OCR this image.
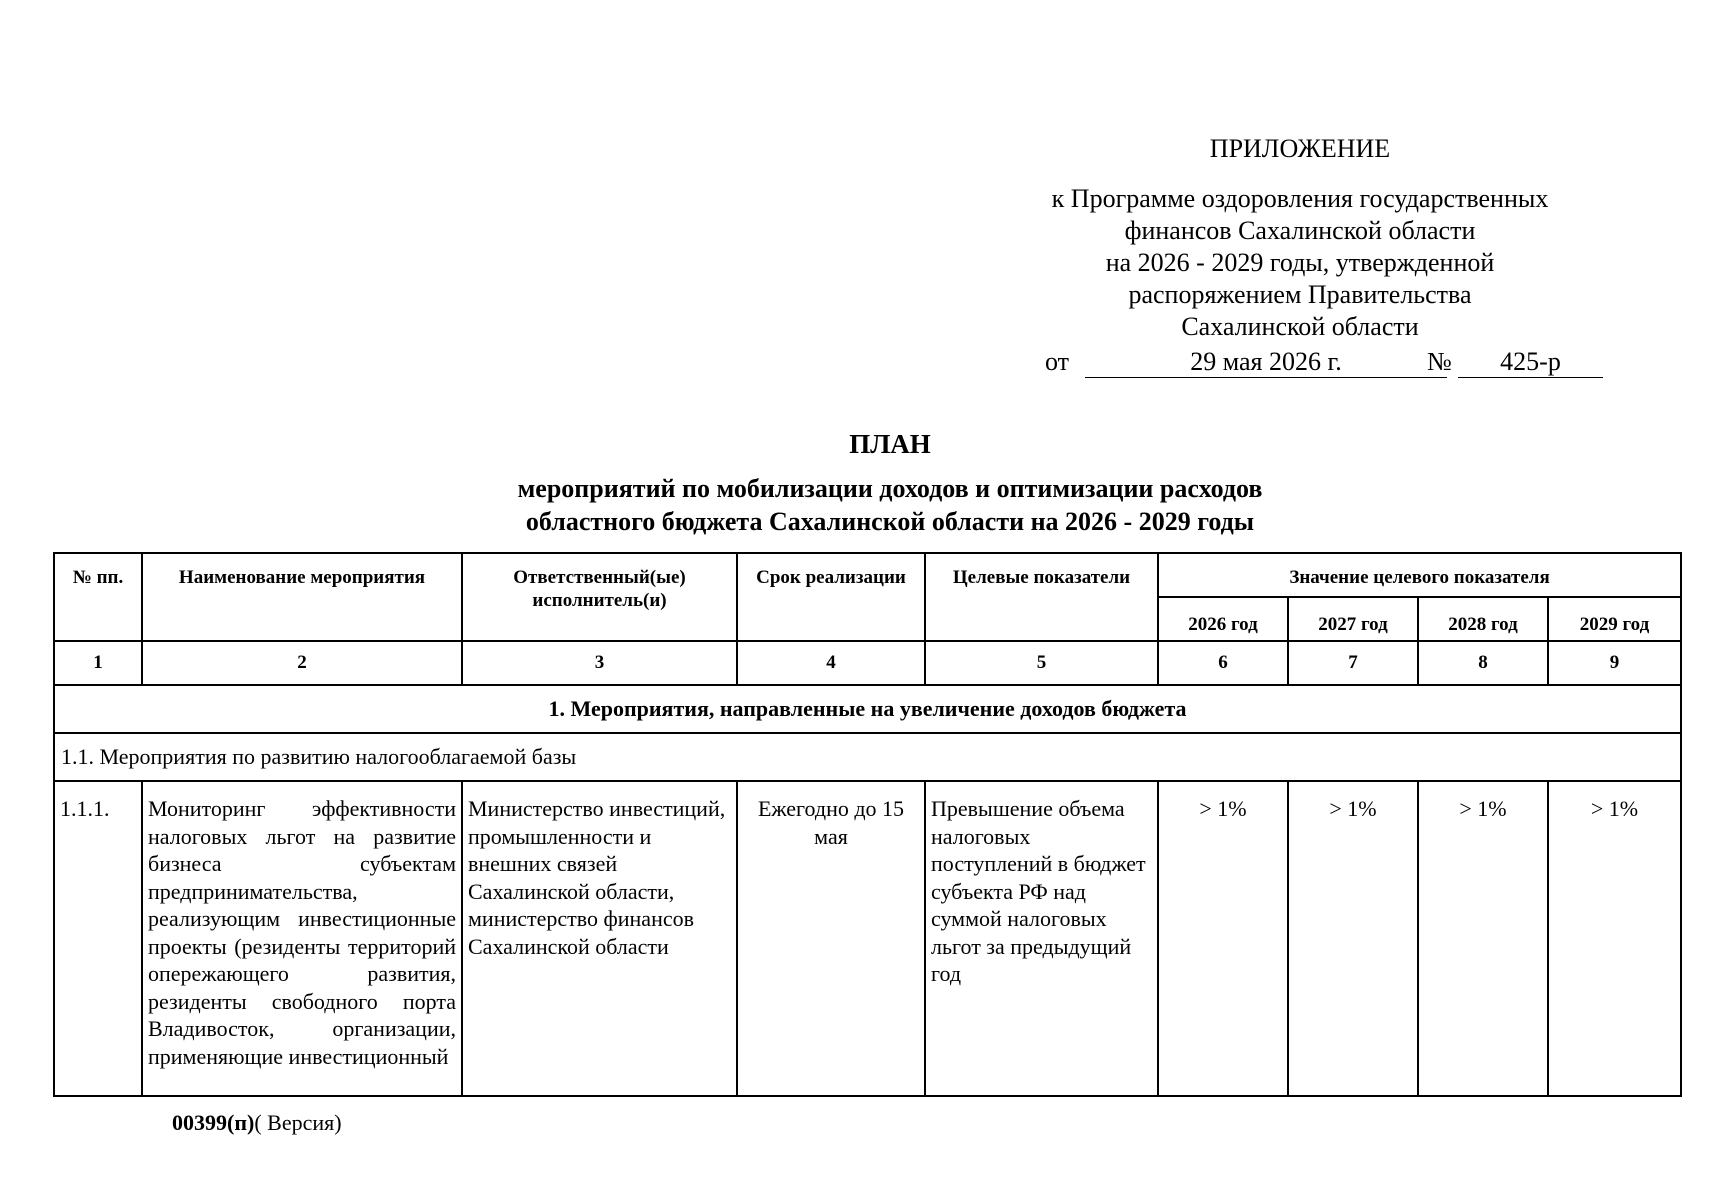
ПРИЛОЖЕНИЕ
к Программе оздоровления государственных
финансов Сахалинской области
на 2026 - 2029 годы, утвержденной
распоряжением Правительства
Сахалинской области
от	29 мая 2026 г.	№	425-р
ПЛАН
мероприятий по мобилизации доходов и оптимизации расходов
областного бюджета Сахалинской области на 2026 - 2029 годы
№ пп.	Наименование мероприятия	Ответственный(ые) исполнитель(и)	Срок реализации	Целевые показатели	Значение целевого показателя			
					2026 год	2027 год	2028 год	2029 год
1	2	3	4	5	6	7	8	9
1. Мероприятия, направленные на увеличение доходов бюджета								
1.1. Мероприятия по развитию налогооблагаемой базы								
1.1.1.	Мониторинг эффективности налоговых льгот на развитие бизнеса субъектам предпринимательства, реализующим инвестиционные проекты (резиденты территорий опережающего развития, резиденты свободного порта Владивосток, организации, применяющие инвестиционный	Министерство инвестиций, промышленности и внешних связей Сахалинской области, министерство финансов Сахалинской области	Ежегодно до 15 мая	Превышение объема налоговых поступлений в бюджет субъекта РФ над суммой налоговых льгот за предыдущий год	> 1%	> 1%	> 1%	> 1%
00399(п)( Версия)
